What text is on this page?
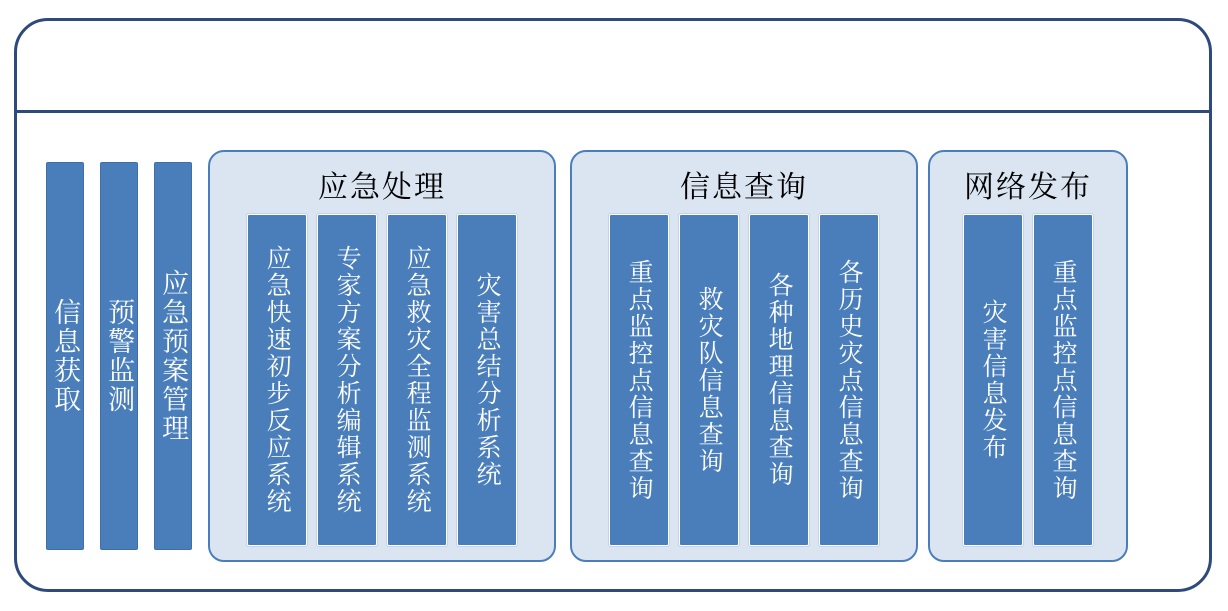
信息获取 预警监测 应急预案管理
应急处理
应急快速初步反应系统 专家方案分析编辑系统 应急救灾全程监测系统 灾害总结分析系统
信息查询
重点监控点信息查询 救灾队信息查询 各种地理信息查询 各历史灾点信息查询
网络发布
灾害信息发布 重点监控点信息查询
